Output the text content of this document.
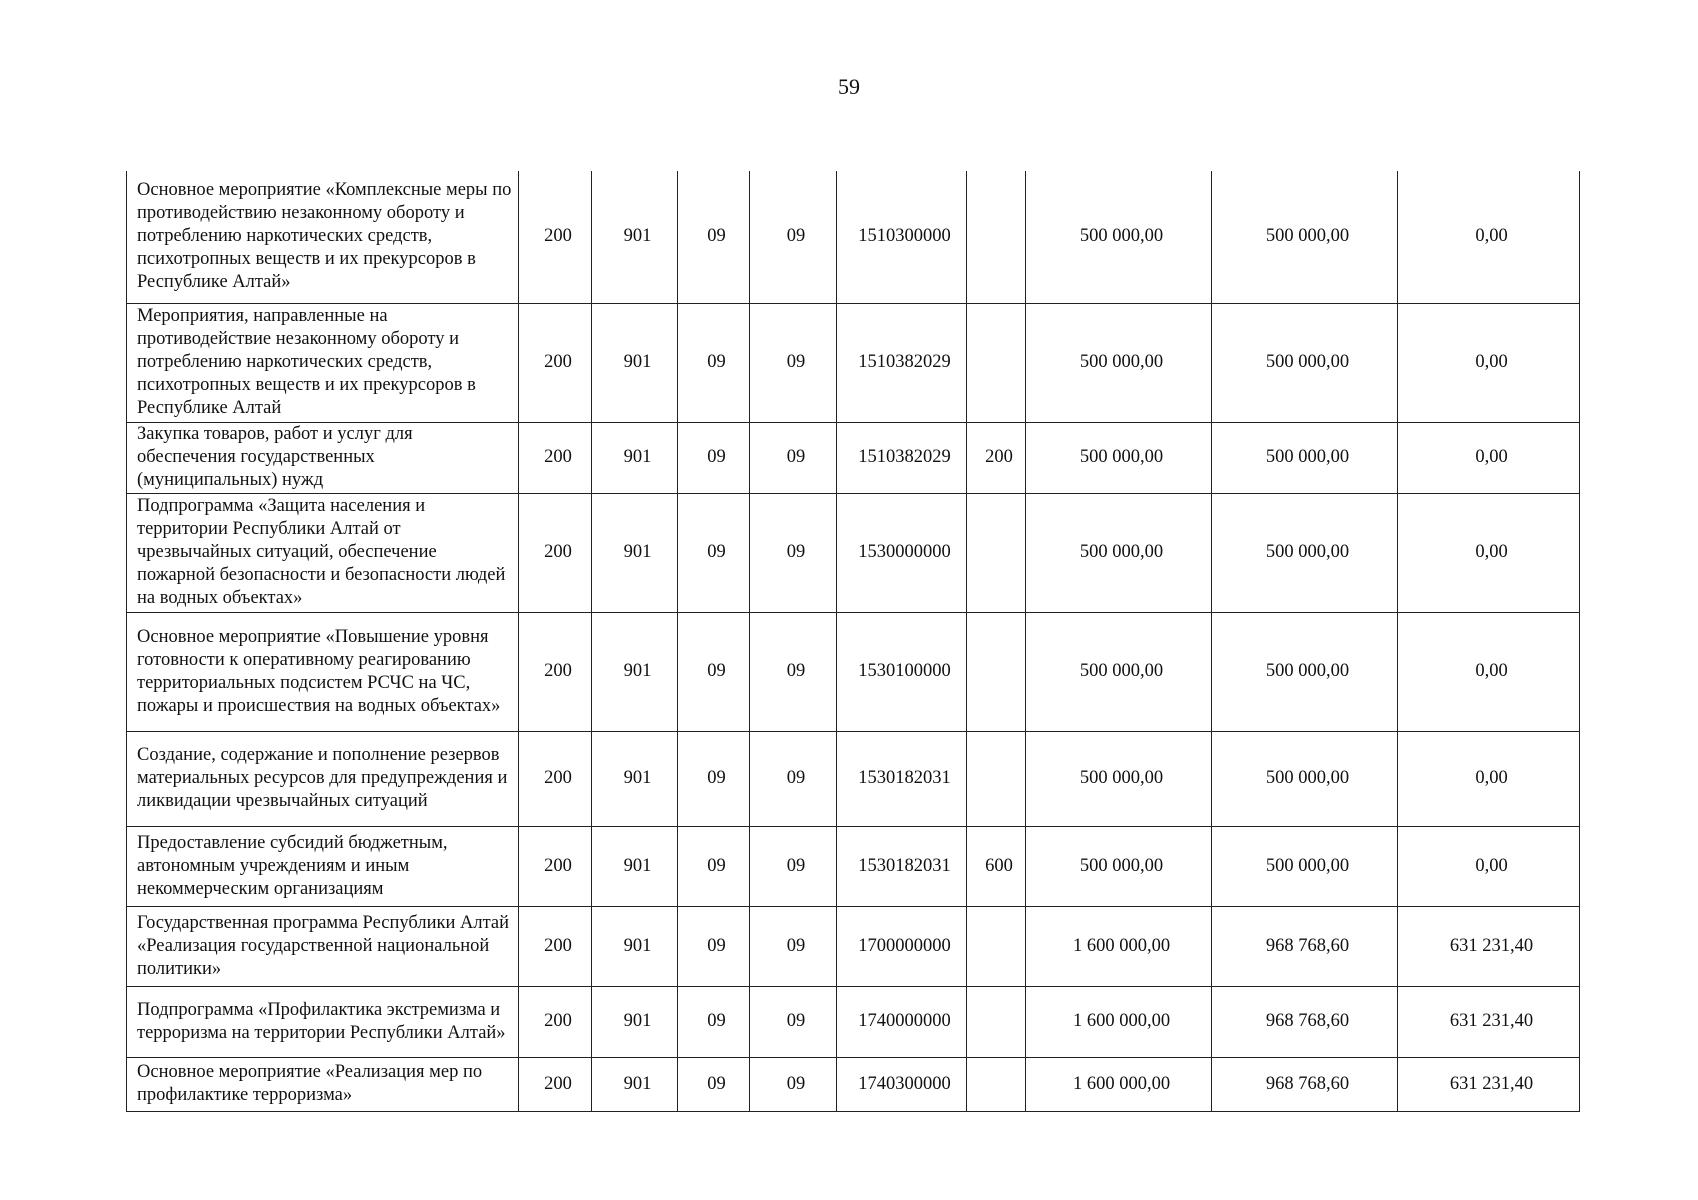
59
Основное мероприятие «Комплексные меры по противодействию незаконному обороту и потреблению наркотических средств, психотропных веществ и их прекурсоров в Республике Алтай»	200	901	09	09	1510300000		500 000,00	500 000,00	0,00
Мероприятия, направленные на противодействие незаконному обороту и потреблению наркотических средств, психотропных веществ и их прекурсоров в Республике Алтай	200	901	09	09	1510382029		500 000,00	500 000,00	0,00
Закупка товаров, работ и услуг для обеспечения государственных (муниципальных) нужд	200	901	09	09	1510382029	200	500 000,00	500 000,00	0,00
Подпрограмма «Защита населения и территории Республики Алтай от чрезвычайных ситуаций, обеспечение пожарной безопасности и безопасности людей на водных объектах»	200	901	09	09	1530000000		500 000,00	500 000,00	0,00
Основное мероприятие «Повышение уровня готовности к оперативному реагированию территориальных подсистем РСЧС на ЧС, пожары и происшествия на водных объектах»	200	901	09	09	1530100000		500 000,00	500 000,00	0,00
Создание, содержание и пополнение резервов материальных ресурсов для предупреждения и ликвидации чрезвычайных ситуаций	200	901	09	09	1530182031		500 000,00	500 000,00	0,00
Предоставление субсидий бюджетным, автономным учреждениям и иным некоммерческим организациям	200	901	09	09	1530182031	600	500 000,00	500 000,00	0,00
Государственная программа Республики Алтай «Реализация государственной национальной политики»	200	901	09	09	1700000000		1 600 000,00	968 768,60	631 231,40
Подпрограмма «Профилактика экстремизма и терроризма на территории Республики Алтай»	200	901	09	09	1740000000		1 600 000,00	968 768,60	631 231,40
Основное мероприятие «Реализация мер по профилактике терроризма»	200	901	09	09	1740300000		1 600 000,00	968 768,60	631 231,40
